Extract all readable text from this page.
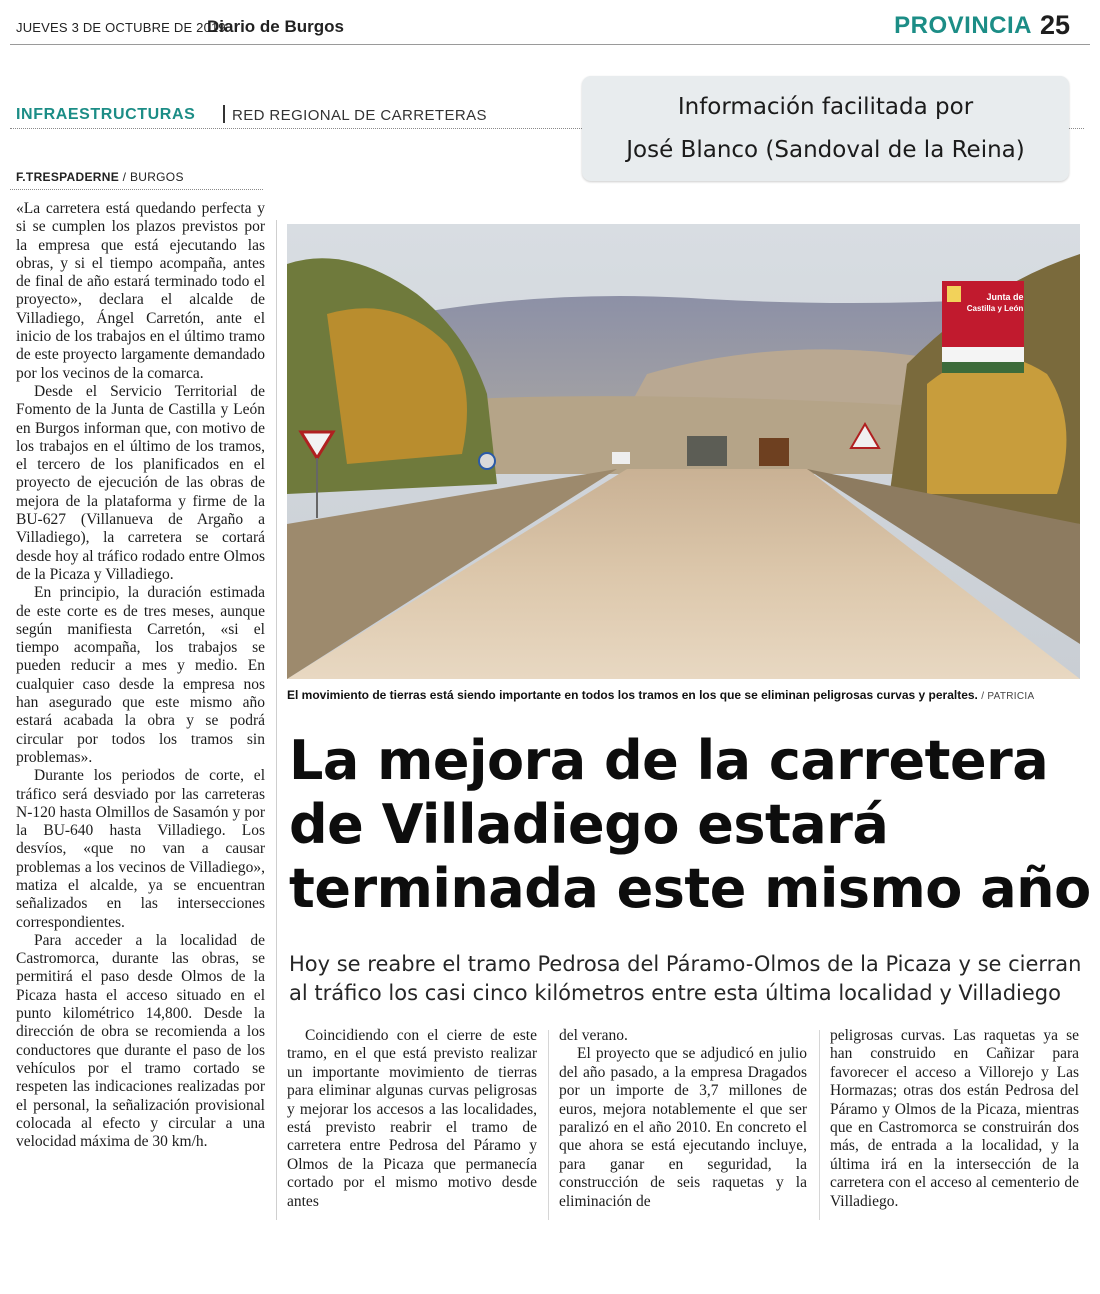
JUEVES 3 DE OCTUBRE DE 2019
Diario de Burgos	PROVINCIA 25
INFRAESTRUCTURAS RED REGIONAL DE CARRETERAS	Información facilitada por
José Blanco (Sandoval de la Reina)
F.TRESPADERNE / BURGOS

«La carretera está quedando perfecta y si se cumplen los plazos previstos por la empresa que está ejecutando las obras, y si el tiempo acompaña, antes de final de año estará terminado todo el proyecto», declara el alcalde de Villadiego, Ángel Carretón, ante el inicio de los trabajos en el último tramo de este proyecto largamente demandado por los vecinos de la comarca.

Desde el Servicio Territorial de Fomento de la Junta de Castilla y León en Burgos informan que, con motivo de los trabajos en el último de los tramos, el tercero de los planificados en el proyecto de ejecución de las obras de mejora de la plataforma y firme de la BU-627 (Villanueva de Argaño a Villadiego), la carretera se cortará desde hoy al tráfico rodado entre Olmos de la Picaza y Villadiego.

En principio, la duración estimada de este corte es de tres meses, aunque según manifiesta Carretón, «si el tiempo acompaña, los trabajos se pueden reducir a mes y medio. En cualquier caso desde la empresa nos han asegurado que este mismo año estará acabada la obra y se podrá circular por todos los tramos sin problemas».

Durante los periodos de corte, el tráfico será desviado por las carreteras N-120 hasta Olmillos de Sasamón y por la BU-640 hasta Villadiego. Los desvíos, «que no van a causar problemas a los vecinos de Villadiego», matiza el alcalde, ya se encuentran señalizados en las intersecciones correspondientes.

Para acceder a la localidad de Castromorca, durante las obras, se permitirá el paso desde Olmos de la Picaza hasta el acceso situado en el punto kilométrico 14,800. Desde la dirección de obra se recomienda a los conductores que durante el paso de los vehículos por el tramo cortado se respeten las indicaciones realizadas por el personal, la señalización provisional colocada al efecto y circular a una velocidad máxima de 30 km/h.

Junta de
Castilla y León
El movimiento de tierras está siendo importante en todos los tramos en los que se eliminan peligrosas curvas y peraltes. / PATRICIA
La mejora de la carretera
de Villadiego estará
terminada este mismo año
Hoy se reabre el tramo Pedrosa del Páramo-Olmos de la Picaza y se cierran
al tráfico los casi cinco kilómetros entre esta última localidad y Villadiego

Coincidiendo con el cierre de este tramo, en el que está previsto realizar un importante movimiento de tierras para eliminar algunas curvas peligrosas y mejorar los accesos a las localidades, está previsto reabrir el tramo de carretera entre Pedrosa del Páramo y Olmos de la Picaza que permanecía cortado por el mismo motivo desde antes

del verano.

El proyecto que se adjudicó en julio del año pasado, a la empresa Dragados por un importe de 3,7 millones de euros, mejora notablemente el que ser paralizó en el año 2010. En concreto el que ahora se está ejecutando incluye, para ganar en seguridad, la construcción de seis raquetas y la eliminación de

peligrosas curvas. Las raquetas ya se han construido en Cañizar para favorecer el acceso a Villorejo y Las Hormazas; otras dos están Pedrosa del Páramo y Olmos de la Picaza, mientras que en Castromorca se construirán dos más, de entrada a la localidad, y la última irá en la intersección de la carretera con el acceso al cementerio de Villadiego.
